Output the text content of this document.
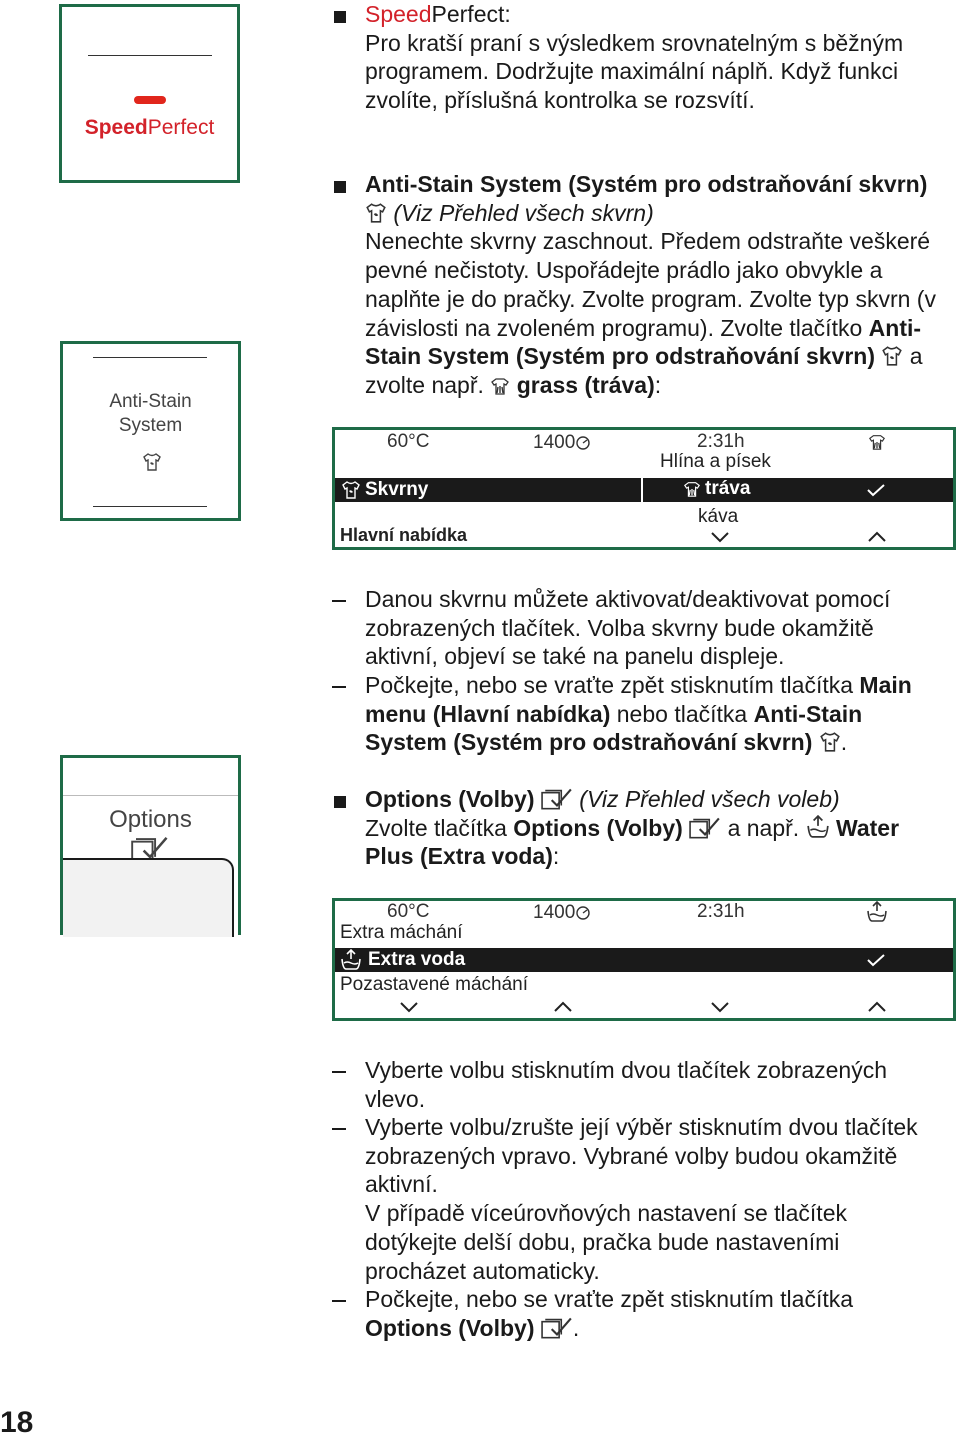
SpeedPerfect
Anti-Stain
System
Options

SpeedPerfect:

Pro kratší praní s výsledkem srovnatelným s běžným programem. Dodržujte maximální náplň. Když funkci zvolíte, příslušná kontrolka se rozsvítí.

Anti-Stain System (Systém pro odstraňování skvrn)

(Viz Přehled všech skvrn)

Nenechte skvrny zaschnout. Předem odstraňte veškeré pevné nečistoty. Uspořádejte prádlo jako obvykle a naplňte je do pračky. Zvolte program. Zvolte typ skvrn (v závislosti na zvoleném programu). Zvolte tlačítko Anti-Stain System (Systém pro odstraňování skvrn)  a zvolte např.  grass (tráva):

60°C	1400	2:31h
Hlína a písek
Skvrny	tráva
káva
Hlavní nabídka
Danou skvrnu můžete aktivovat/deaktivovat pomocí zobrazených tlačítek. Volba skvrny bude okamžitě aktivní, objeví se také na panelu displeje.
Počkejte, nebo se vraťte zpět stisknutím tlačítka Main menu (Hlavní nabídka) nebo tlačítka Anti-Stain System (Systém pro odstraňování skvrn) .

Options (Volby) (Viz Přehled všech voleb)

Zvolte tlačítka Options (Volby)  a např.  Water

Plus (Extra voda):

60°C	1400	2:31h
Extra máchání
Extra voda
Pozastavené máchání
Vyberte volbu stisknutím dvou tlačítek zobrazených vlevo.

Vyberte volbu/zrušte její výběr stisknutím dvou tlačítek zobrazených vpravo. Vybrané volby budou okamžitě aktivní.

V případě víceúrovňových nastavení se tlačítek dotýkejte delší dobu, pračka bude nastaveními procházet automaticky.

Počkejte, nebo se vraťte zpět stisknutím tlačítka Options (Volby) .
18
